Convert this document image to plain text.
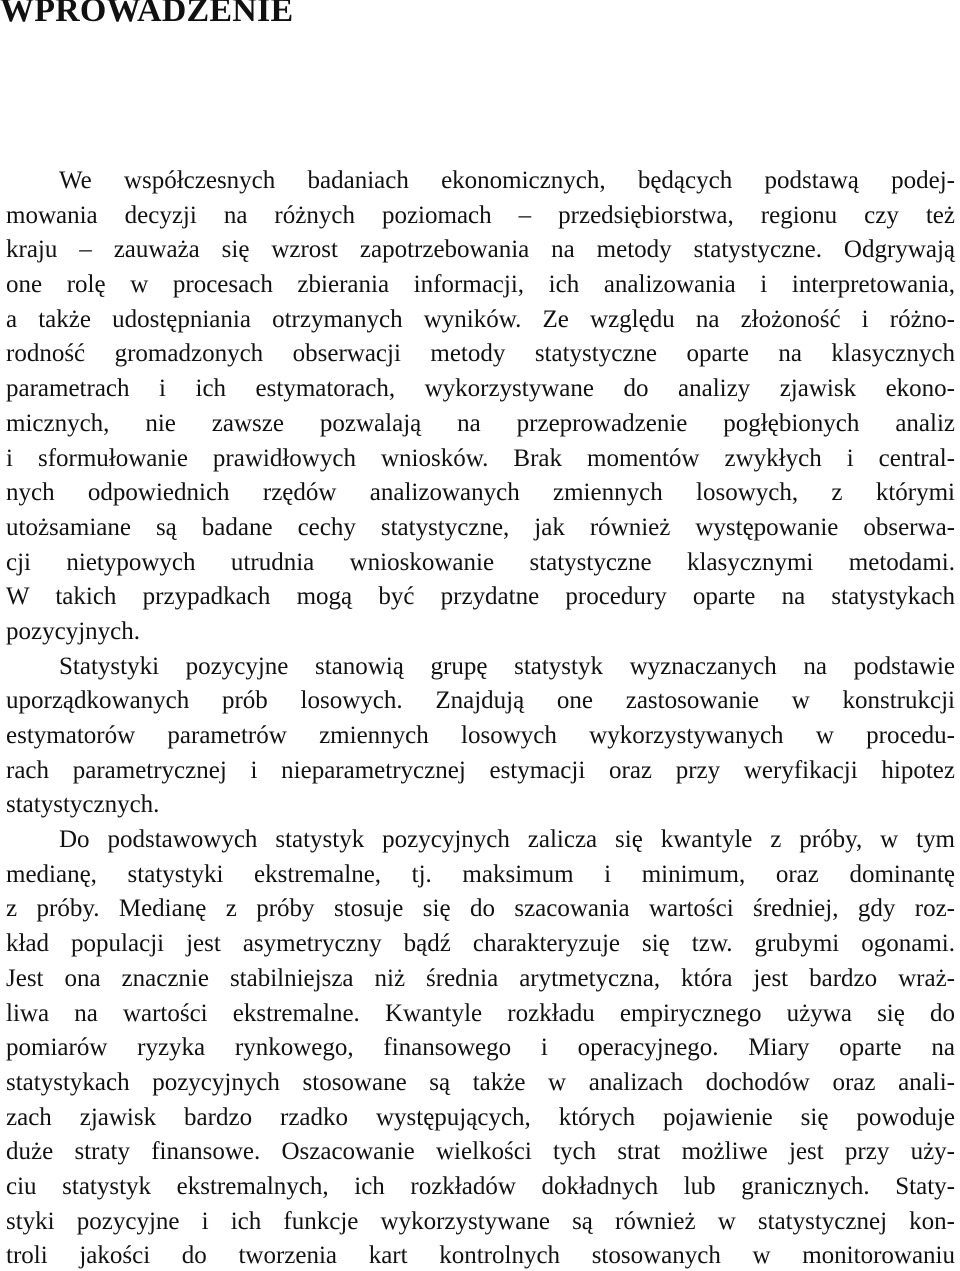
WPROWADZENIE
We współczesnych badaniach ekonomicznych, będących podstawą podej-
mowania decyzji na różnych poziomach – przedsiębiorstwa, regionu czy też
kraju – zauważa się wzrost zapotrzebowania na metody statystyczne. Odgrywają
one rolę w procesach zbierania informacji, ich analizowania i interpretowania,
a także udostępniania otrzymanych wyników. Ze względu na złożoność i różno-
rodność gromadzonych obserwacji metody statystyczne oparte na klasycznych
parametrach i ich estymatorach, wykorzystywane do analizy zjawisk ekono-
micznych, nie zawsze pozwalają na przeprowadzenie pogłębionych analiz
i sformułowanie prawidłowych wniosków. Brak momentów zwykłych i central-
nych odpowiednich rzędów analizowanych zmiennych losowych, z którymi
utożsamiane są badane cechy statystyczne, jak również występowanie obserwa-
cji nietypowych utrudnia wnioskowanie statystyczne klasycznymi metodami.
W takich przypadkach mogą być przydatne procedury oparte na statystykach
pozycyjnych.
Statystyki pozycyjne stanowią grupę statystyk wyznaczanych na podstawie
uporządkowanych prób losowych. Znajdują one zastosowanie w konstrukcji
estymatorów parametrów zmiennych losowych wykorzystywanych w procedu-
rach parametrycznej i nieparametrycznej estymacji oraz przy weryfikacji hipotez
statystycznych.
Do podstawowych statystyk pozycyjnych zalicza się kwantyle z próby, w tym
medianę, statystyki ekstremalne, tj. maksimum i minimum, oraz dominantę
z próby. Medianę z próby stosuje się do szacowania wartości średniej, gdy roz-
kład populacji jest asymetryczny bądź charakteryzuje się tzw. grubymi ogonami.
Jest ona znacznie stabilniejsza niż średnia arytmetyczna, która jest bardzo wraż-
liwa na wartości ekstremalne. Kwantyle rozkładu empirycznego używa się do
pomiarów ryzyka rynkowego, finansowego i operacyjnego. Miary oparte na
statystykach pozycyjnych stosowane są także w analizach dochodów oraz anali-
zach zjawisk bardzo rzadko występujących, których pojawienie się powoduje
duże straty finansowe. Oszacowanie wielkości tych strat możliwe jest przy uży-
ciu statystyk ekstremalnych, ich rozkładów dokładnych lub granicznych. Staty-
styki pozycyjne i ich funkcje wykorzystywane są również w statystycznej kon-
troli jakości do tworzenia kart kontrolnych stosowanych w monitorowaniu
